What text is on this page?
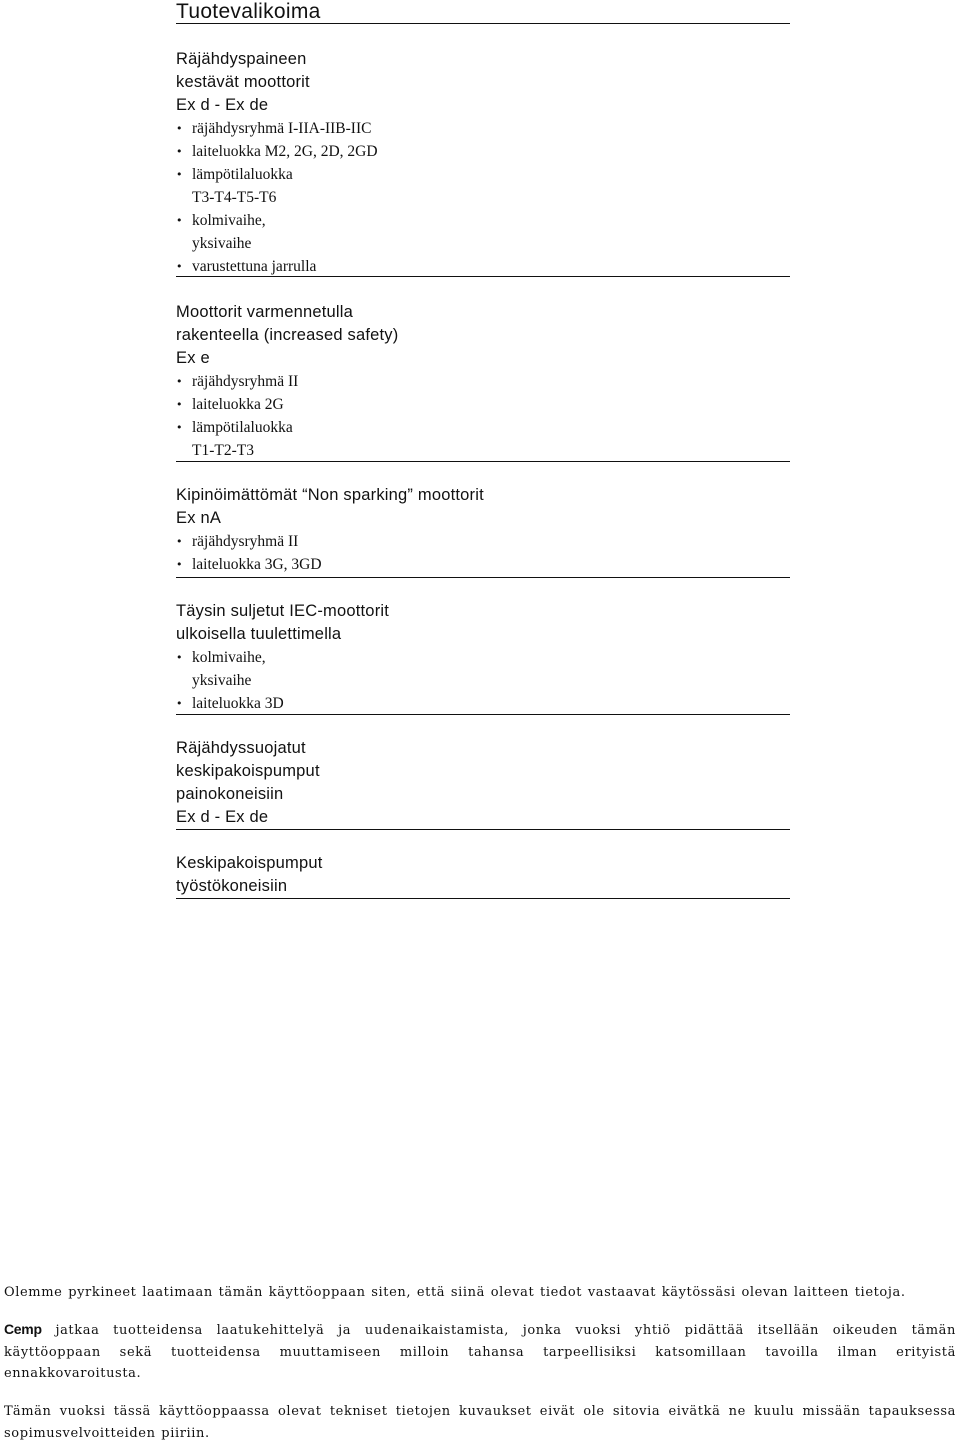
Tuotevalikoima
Räjähdyspaineen
kestävät moottorit
Ex d - Ex de
• räjähdysryhmä I-IIA-IIB-IIC
• laiteluokka M2, 2G, 2D, 2GD
• lämpötilaluokka
T3-T4-T5-T6
• kolmivaihe,
yksivaihe
• varustettuna jarrulla
Moottorit varmennetulla
rakenteella (increased safety)
Ex e
• räjähdysryhmä II
• laiteluokka 2G
• lämpötilaluokka
T1-T2-T3
Kipinöimättömät “Non sparking” moottorit
Ex nA
• räjähdysryhmä II
• laiteluokka 3G, 3GD
Täysin suljetut IEC-moottorit
ulkoisella tuulettimella
• kolmivaihe,
yksivaihe
• laiteluokka 3D
Räjähdyssuojatut
keskipakoispumput
painokoneisiin
Ex d - Ex de
Keskipakoispumput
työstökoneisiin
Olemme pyrkineet laatimaan tämän käyttöoppaan siten, että siinä olevat tiedot vastaavat käytössäsi olevan laitteen tietoja.
Cemp jatkaa tuotteidensa laatukehittelyä ja uudenaikaistamista, jonka vuoksi yhtiö pidättää itsellään oikeuden tämän käyttöoppaan sekä tuotteidensa muuttamiseen milloin tahansa tarpeellisiksi katsomillaan tavoilla ilman erityistä ennakkovaroitusta.
Tämän vuoksi tässä käyttöoppaassa olevat tekniset tietojen kuvaukset eivät ole sitovia eivätkä ne kuulu missään tapauksessa sopimusvelvoitteiden piiriin.
